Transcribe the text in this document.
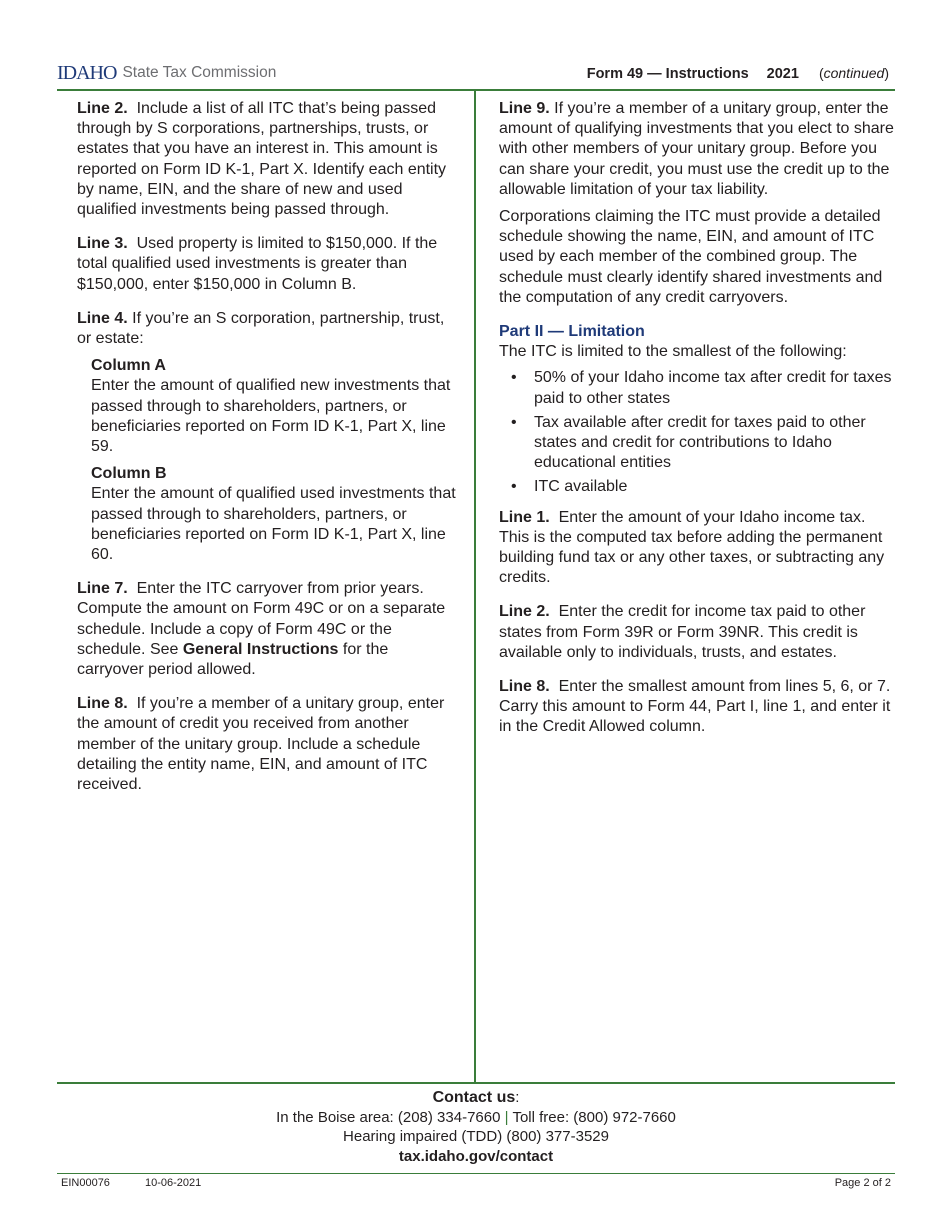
IDAHO State Tax Commission	Form 49 — Instructions 2021 (continued)

Line 2. Include a list of all ITC that’s being passed through by S corporations, partnerships, trusts, or estates that you have an interest in. This amount is reported on Form ID K-1, Part X. Identify each entity by name, EIN, and the share of new and used qualified investments being passed through.

Line 3. Used property is limited to $150,000. If the total qualified used investments is greater than $150,000, enter $150,000 in Column B.

Line 4. If you’re an S corporation, partnership, trust, or estate:

Column A

Enter the amount of qualified new investments that passed through to shareholders, partners, or beneficiaries reported on Form ID K-1, Part X, line 59.

Column B

Enter the amount of qualified used investments that passed through to shareholders, partners, or beneficiaries reported on Form ID K-1, Part X, line 60.

Line 7. Enter the ITC carryover from prior years. Compute the amount on Form 49C or on a separate schedule. Include a copy of Form 49C or the schedule. See General Instructions for the carryover period allowed.

Line 8. If you’re a member of a unitary group, enter the amount of credit you received from another member of the unitary group. Include a schedule detailing the entity name, EIN, and amount of ITC received.

Line 9. If you’re a member of a unitary group, enter the amount of qualifying investments that you elect to share with other members of your unitary group. Before you can share your credit, you must use the credit up to the allowable limitation of your tax liability.

Corporations claiming the ITC must provide a detailed schedule showing the name, EIN, and amount of ITC used by each member of the combined group. The schedule must clearly identify shared investments and the computation of any credit carryovers.

Part II — Limitation

The ITC is limited to the smallest of the following:

• 50% of your Idaho income tax after credit for taxes paid to other states
• Tax available after credit for taxes paid to other states and credit for contributions to Idaho educational entities
• ITC available

Line 1. Enter the amount of your Idaho income tax. This is the computed tax before adding the permanent building fund tax or any other taxes, or subtracting any credits.

Line 2. Enter the credit for income tax paid to other states from Form 39R or Form 39NR. This credit is available only to individuals, trusts, and estates.

Line 8. Enter the smallest amount from lines 5, 6, or 7. Carry this amount to Form 44, Part I, line 1, and enter it in the Credit Allowed column.

Contact us:
In the Boise area: (208) 334-7660 | Toll free: (800) 972-7660
Hearing impaired (TDD) (800) 377-3529
tax.idaho.gov/contact
EIN00076	10-06-2021	Page 2 of 2
